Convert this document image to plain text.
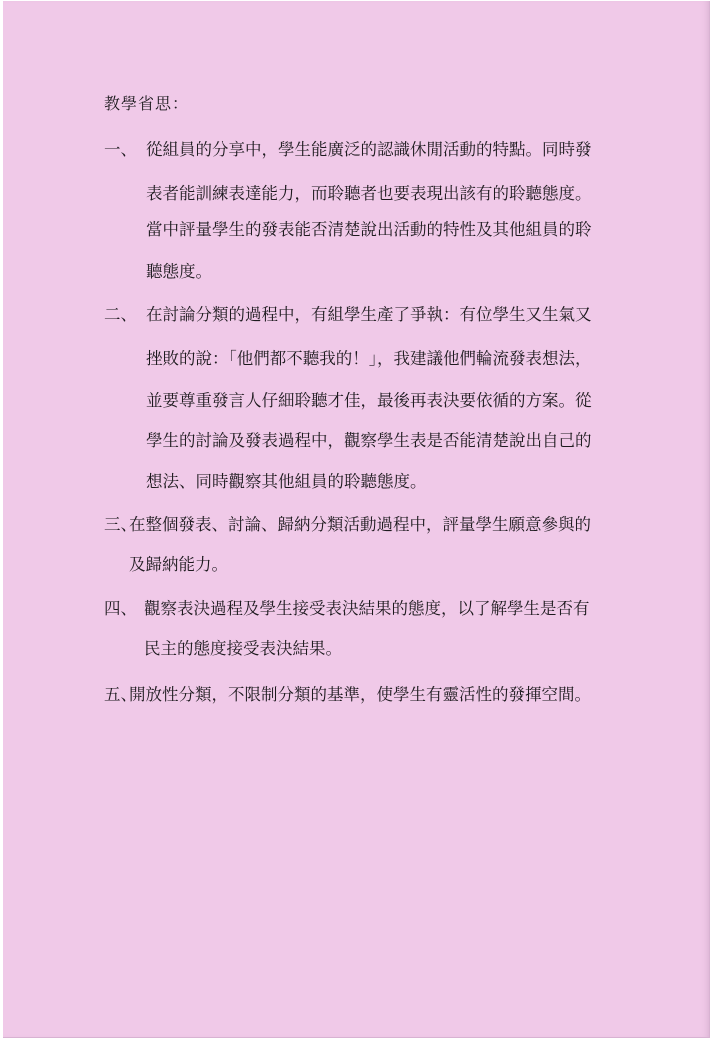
教學省思：
一、 從組員的分享中，學生能廣泛的認識休閒活動的特點。同時發
表者能訓練表達能力，而聆聽者也要表現出該有的聆聽態度。
當中評量學生的發表能否清楚說出活動的特性及其他組員的聆
聽態度。
二、 在討論分類的過程中，有組學生產了爭執：有位學生又生氣又
挫敗的說：「他們都不聽我的！」，我建議他們輪流發表想法，
並要尊重發言人仔細聆聽才佳，最後再表決要依循的方案。從
學生的討論及發表過程中，觀察學生表是否能清楚說出自己的
想法、同時觀察其他組員的聆聽態度。
三、
在整個發表、討論、歸納分類活動過程中，評量學生願意參與的
及歸納能力。
四、 觀察表決過程及學生接受表決結果的態度，以了解學生是否有
民主的態度接受表決結果。
五、
開放性分類，不限制分類的基準，使學生有靈活性的發揮空間。
